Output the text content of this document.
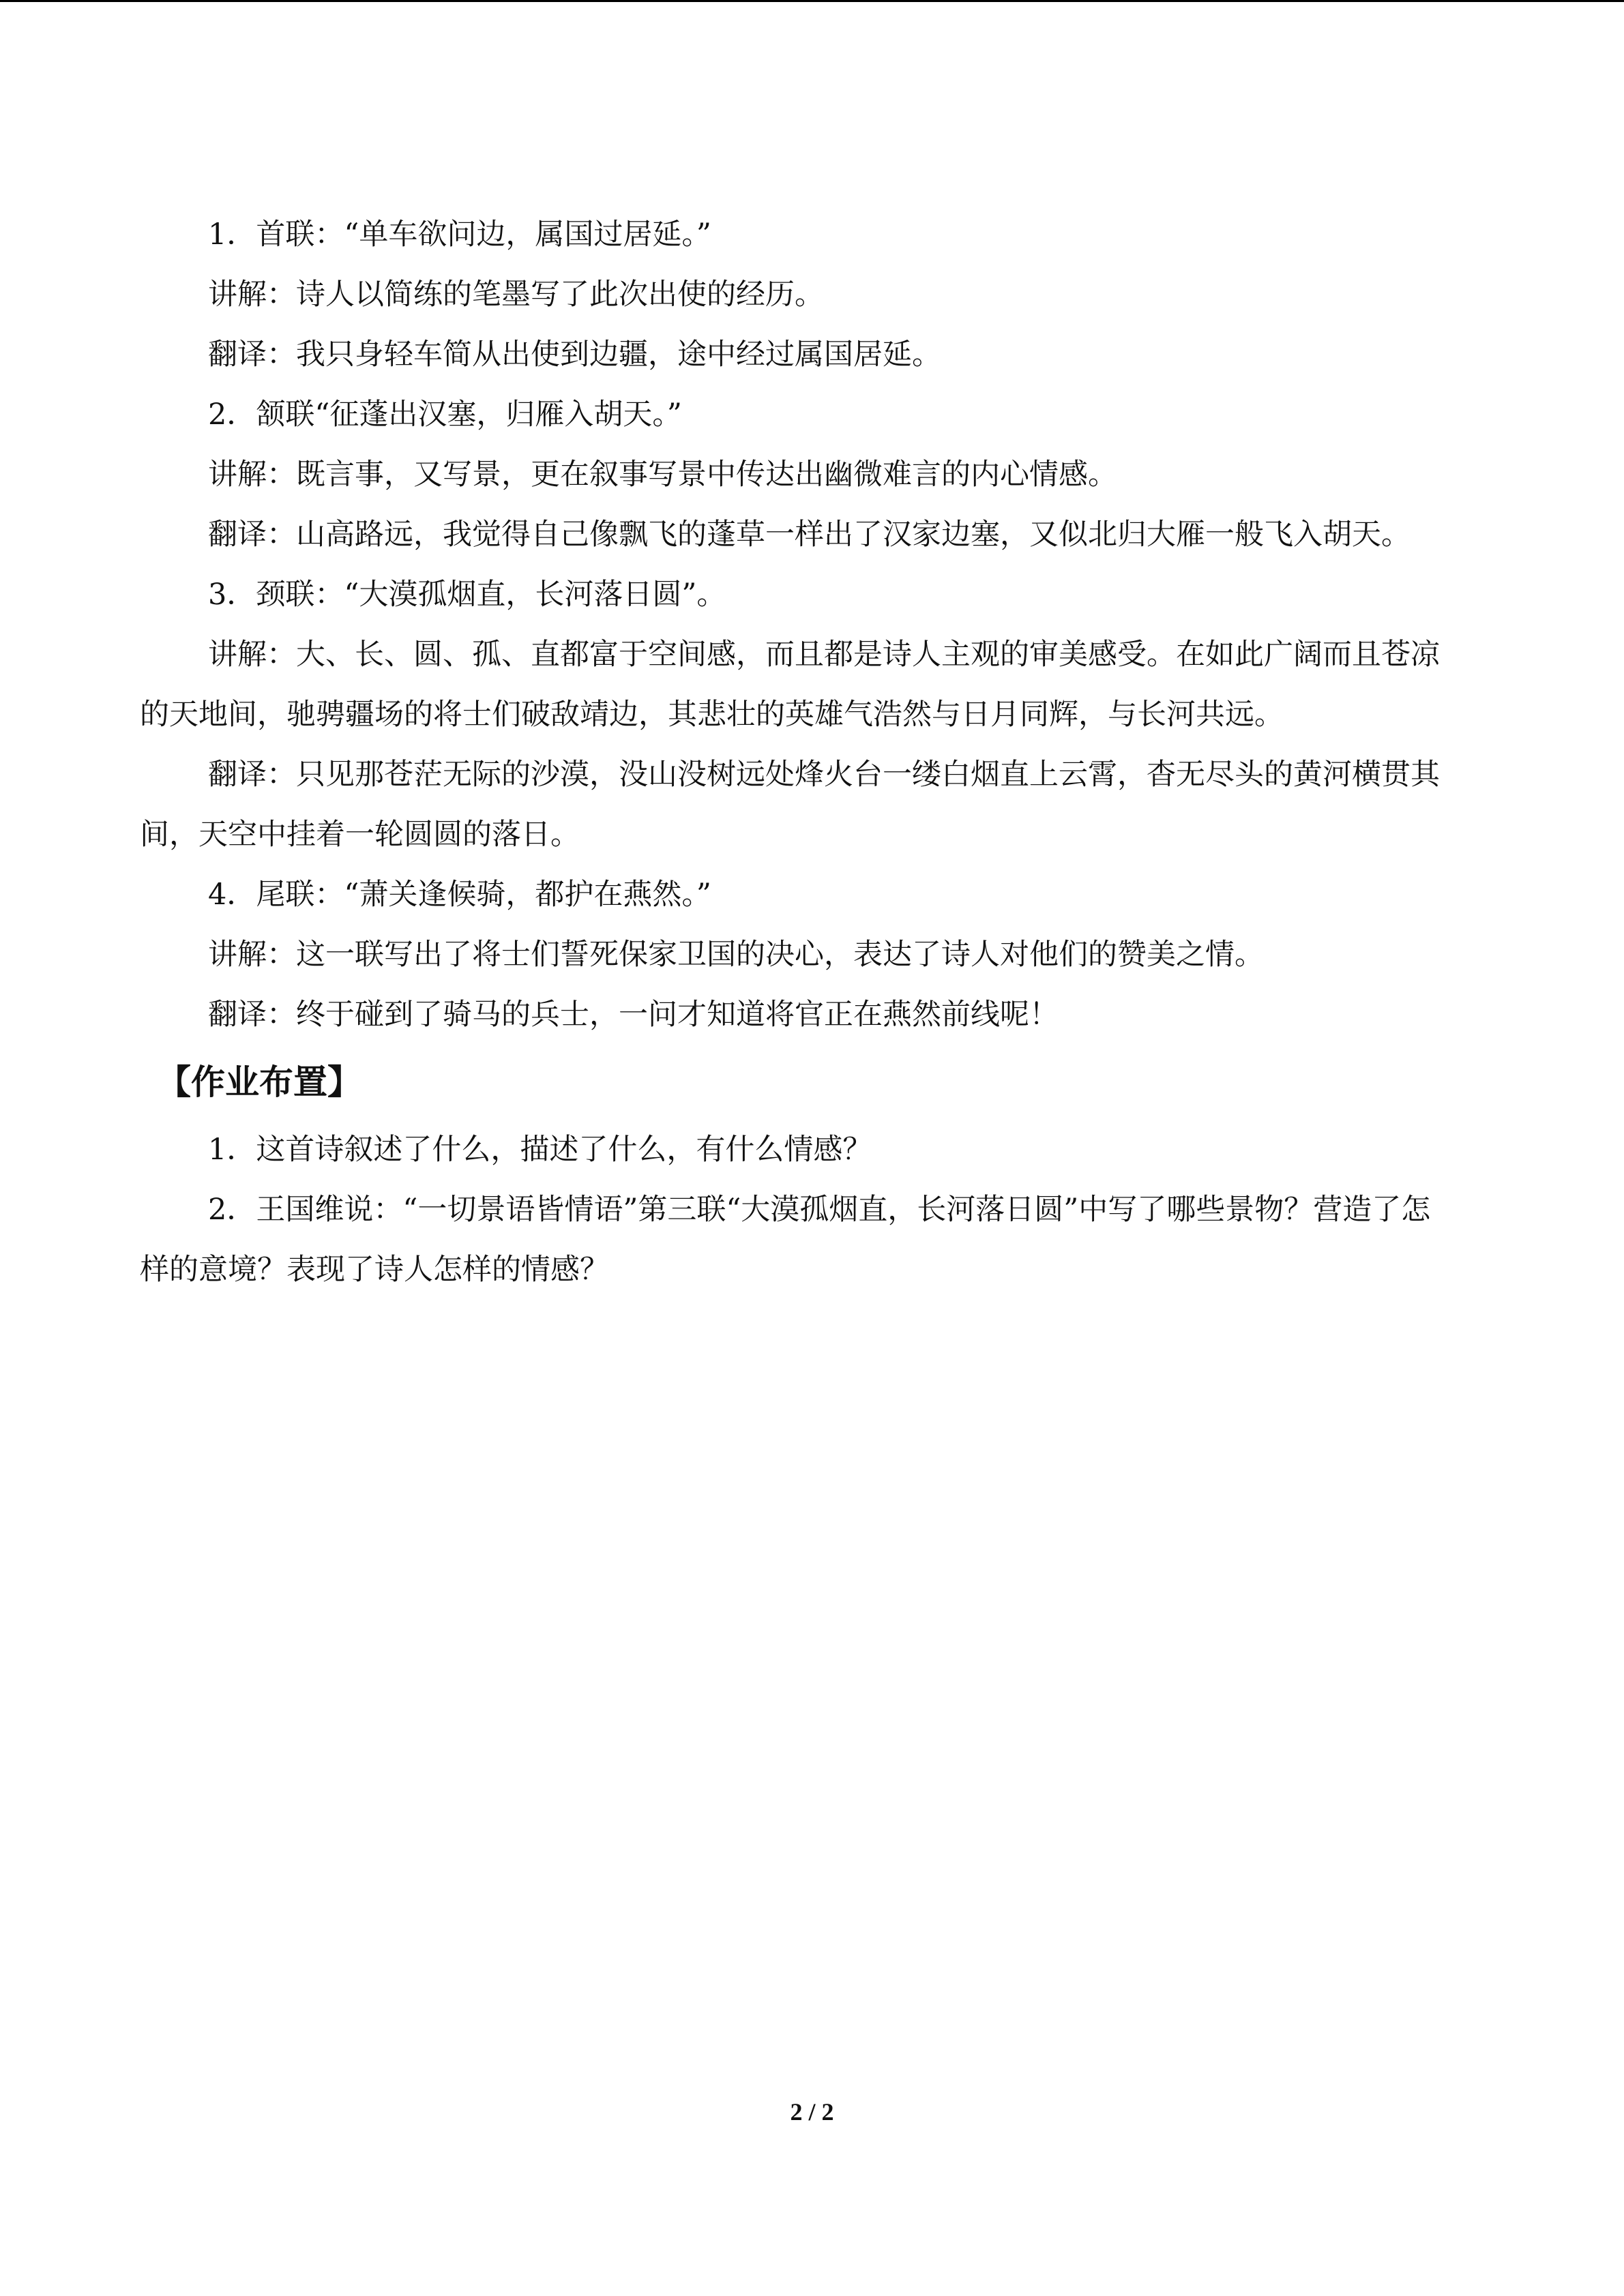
1．首联：“单车欲问边，属国过居延。”

讲解：诗人以简练的笔墨写了此次出使的经历。

翻译：我只身轻车简从出使到边疆，途中经过属国居延。

2．颔联“征蓬出汉塞，归雁入胡天。”

讲解：既言事，又写景，更在叙事写景中传达出幽微难言的内心情感。

翻译：山高路远，我觉得自己像飘飞的蓬草一样出了汉家边塞，又似北归大雁一般飞入胡天。

3．颈联：“大漠孤烟直，长河落日圆”。

讲解：大、长、圆、孤、直都富于空间感，而且都是诗人主观的审美感受。在如此广阔而且苍凉的天地间，驰骋疆场的将士们破敌靖边，其悲壮的英雄气浩然与日月同辉，与长河共远。

翻译：只见那苍茫无际的沙漠，没山没树远处烽火台一缕白烟直上云霄，杳无尽头的黄河横贯其间，天空中挂着一轮圆圆的落日。

4．尾联：“萧关逢候骑，都护在燕然。”

讲解：这一联写出了将士们誓死保家卫国的决心，表达了诗人对他们的赞美之情。

翻译：终于碰到了骑马的兵士，一问才知道将官正在燕然前线呢！

【作业布置】

1．这首诗叙述了什么，描述了什么，有什么情感？

2．王国维说：“一切景语皆情语”第三联“大漠孤烟直，长河落日圆”中写了哪些景物？营造了怎样的意境？表现了诗人怎样的情感？

2 / 2
